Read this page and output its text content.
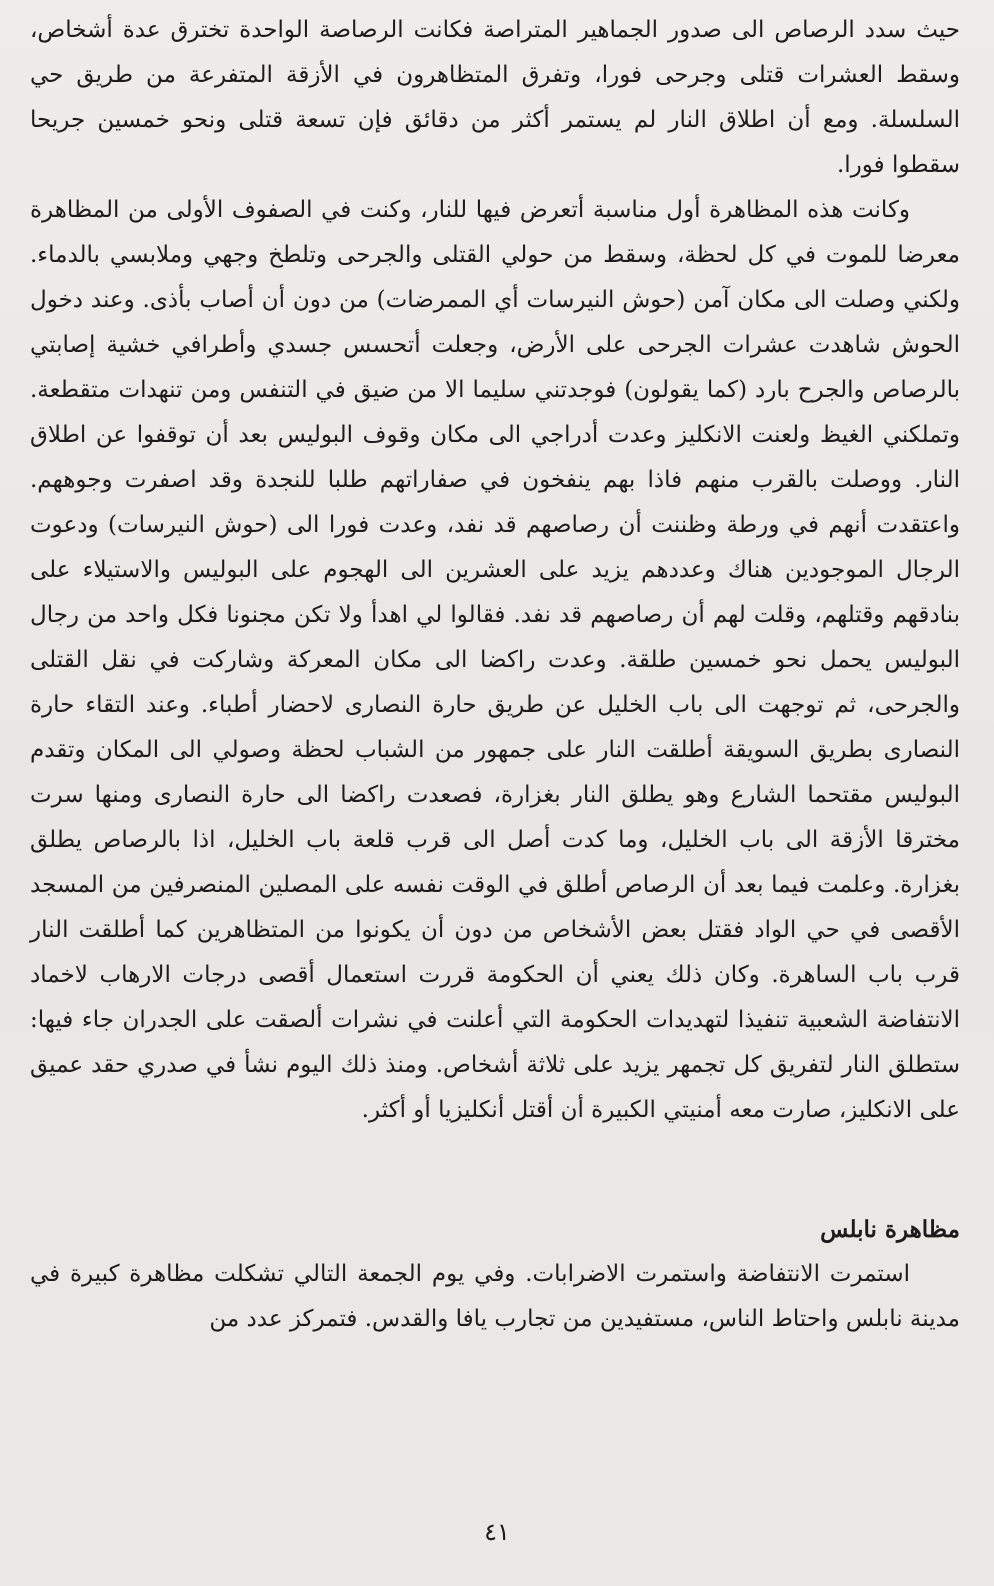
حيث سدد الرصاص الى صدور الجماهير المتراصة فكانت الرصاصة الواحدة تخترق عدة أشخاص، وسقط العشرات قتلى وجرحى فورا، وتفرق المتظاهرون في الأزقة المتفرعة من طريق حي السلسلة. ومع أن اطلاق النار لم يستمر أكثر من دقائق فإن تسعة قتلى ونحو خمسين جريحا سقطوا فورا.

وكانت هذه المظاهرة أول مناسبة أتعرض فيها للنار، وكنت في الصفوف الأولى من المظاهرة معرضا للموت في كل لحظة، وسقط من حولي القتلى والجرحى وتلطخ وجهي وملابسي بالدماء. ولكني وصلت الى مكان آمن (حوش النيرسات أي الممرضات) من دون أن أصاب بأذى. وعند دخول الحوش شاهدت عشرات الجرحى على الأرض، وجعلت أتحسس جسدي وأطرافي خشية إصابتي بالرصاص والجرح بارد (كما يقولون) فوجدتني سليما الا من ضيق في التنفس ومن تنهدات متقطعة. وتملكني الغيظ ولعنت الانكليز وعدت أدراجي الى مكان وقوف البوليس بعد أن توقفوا عن اطلاق النار. ووصلت بالقرب منهم فاذا بهم ينفخون في صفاراتهم طلبا للنجدة وقد اصفرت وجوههم. واعتقدت أنهم في ورطة وظننت أن رصاصهم قد نفد، وعدت فورا الى (حوش النيرسات) ودعوت الرجال الموجودين هناك وعددهم يزيد على العشرين الى الهجوم على البوليس والاستيلاء على بنادقهم وقتلهم، وقلت لهم أن رصاصهم قد نفد. فقالوا لي اهدأ ولا تكن مجنونا فكل واحد من رجال البوليس يحمل نحو خمسين طلقة. وعدت راكضا الى مكان المعركة وشاركت في نقل القتلى والجرحى، ثم توجهت الى باب الخليل عن طريق حارة النصارى لاحضار أطباء. وعند التقاء حارة النصارى بطريق السويقة أطلقت النار على جمهور من الشباب لحظة وصولي الى المكان وتقدم البوليس مقتحما الشارع وهو يطلق النار بغزارة، فصعدت راكضا الى حارة النصارى ومنها سرت مخترقا الأزقة الى باب الخليل، وما كدت أصل الى قرب قلعة باب الخليل، اذا بالرصاص يطلق بغزارة. وعلمت فيما بعد أن الرصاص أطلق في الوقت نفسه على المصلين المنصرفين من المسجد الأقصى في حي الواد فقتل بعض الأشخاص من دون أن يكونوا من المتظاهرين كما أطلقت النار قرب باب الساهرة. وكان ذلك يعني أن الحكومة قررت استعمال أقصى درجات الارهاب لاخماد الانتفاضة الشعبية تنفيذا لتهديدات الحكومة التي أعلنت في نشرات ألصقت على الجدران جاء فيها: ستطلق النار لتفريق كل تجمهر يزيد على ثلاثة أشخاص. ومنذ ذلك اليوم نشأ في صدري حقد عميق على الانكليز، صارت معه أمنيتي الكبيرة أن أقتل أنكليزيا أو أكثر.

مظاهرة نابلس

استمرت الانتفاضة واستمرت الاضرابات. وفي يوم الجمعة التالي تشكلت مظاهرة كبيرة في مدينة نابلس واحتاط الناس، مستفيدين من تجارب يافا والقدس. فتمركز عدد من

٤١
